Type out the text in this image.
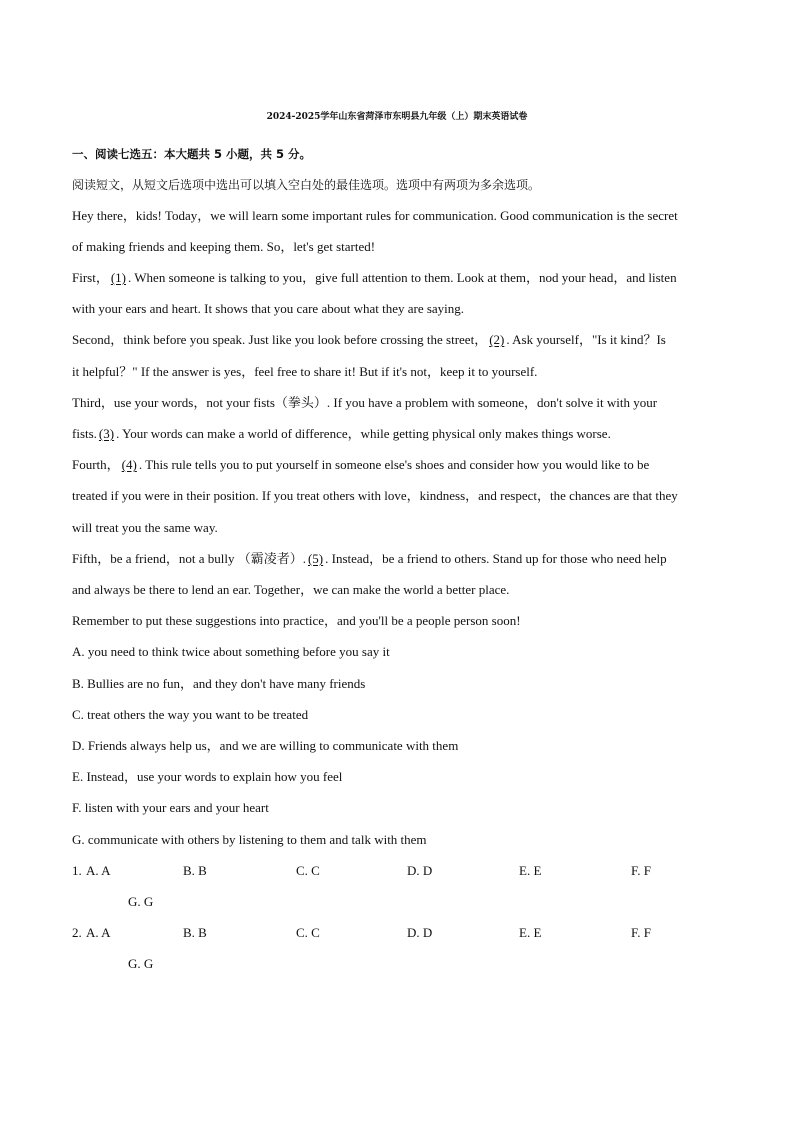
2024-2025学年山东省菏泽市东明县九年级（上）期末英语试卷
一、阅读七选五：本大题共 5 小题，共 5 分。
阅读短文，从短文后选项中选出可以填入空白处的最佳选项。选项中有两项为多余选项。
Hey there，kids! Today，we will learn some important rules for communication. Good communication is the secret
of making friends and keeping them. So，let's get started!
First， (1) . When someone is talking to you，give full attention to them. Look at them，nod your head，and listen
with your ears and heart. It shows that you care about what they are saying.
Second，think before you speak. Just like you look before crossing the street， (2) . Ask yourself，"Is it kind？Is
it helpful？" If the answer is yes，feel free to share it! But if it's not，keep it to yourself.
Third，use your words，not your fists（拳头）. If you have a problem with someone，don't solve it with your
fists. (3) . Your words can make a world of difference，while getting physical only makes things worse.
Fourth， (4) . This rule tells you to put yourself in someone else's shoes and consider how you would like to be
treated if you were in their position. If you treat others with love，kindness，and respect，the chances are that they
will treat you the same way.
Fifth，be a friend，not a bully （霸凌者）. (5) . Instead，be a friend to others. Stand up for those who need help
and always be there to lend an ear. Together，we can make the world a better place.
Remember to put these suggestions into practice，and you'll be a people person soon!
A. you need to think twice about something before you say it
B. Bullies are no fun，and they don't have many friends
C. treat others the way you want to be treated
D. Friends always help us，and we are willing to communicate with them
E. Instead，use your words to explain how you feel
F. listen with your ears and your heart
G. communicate with others by listening to them and talk with them
1. A. A	B. B	C. C	D. D	E. E	F. F
G. G
2. A. A	B. B	C. C	D. D	E. E	F. F
G. G
